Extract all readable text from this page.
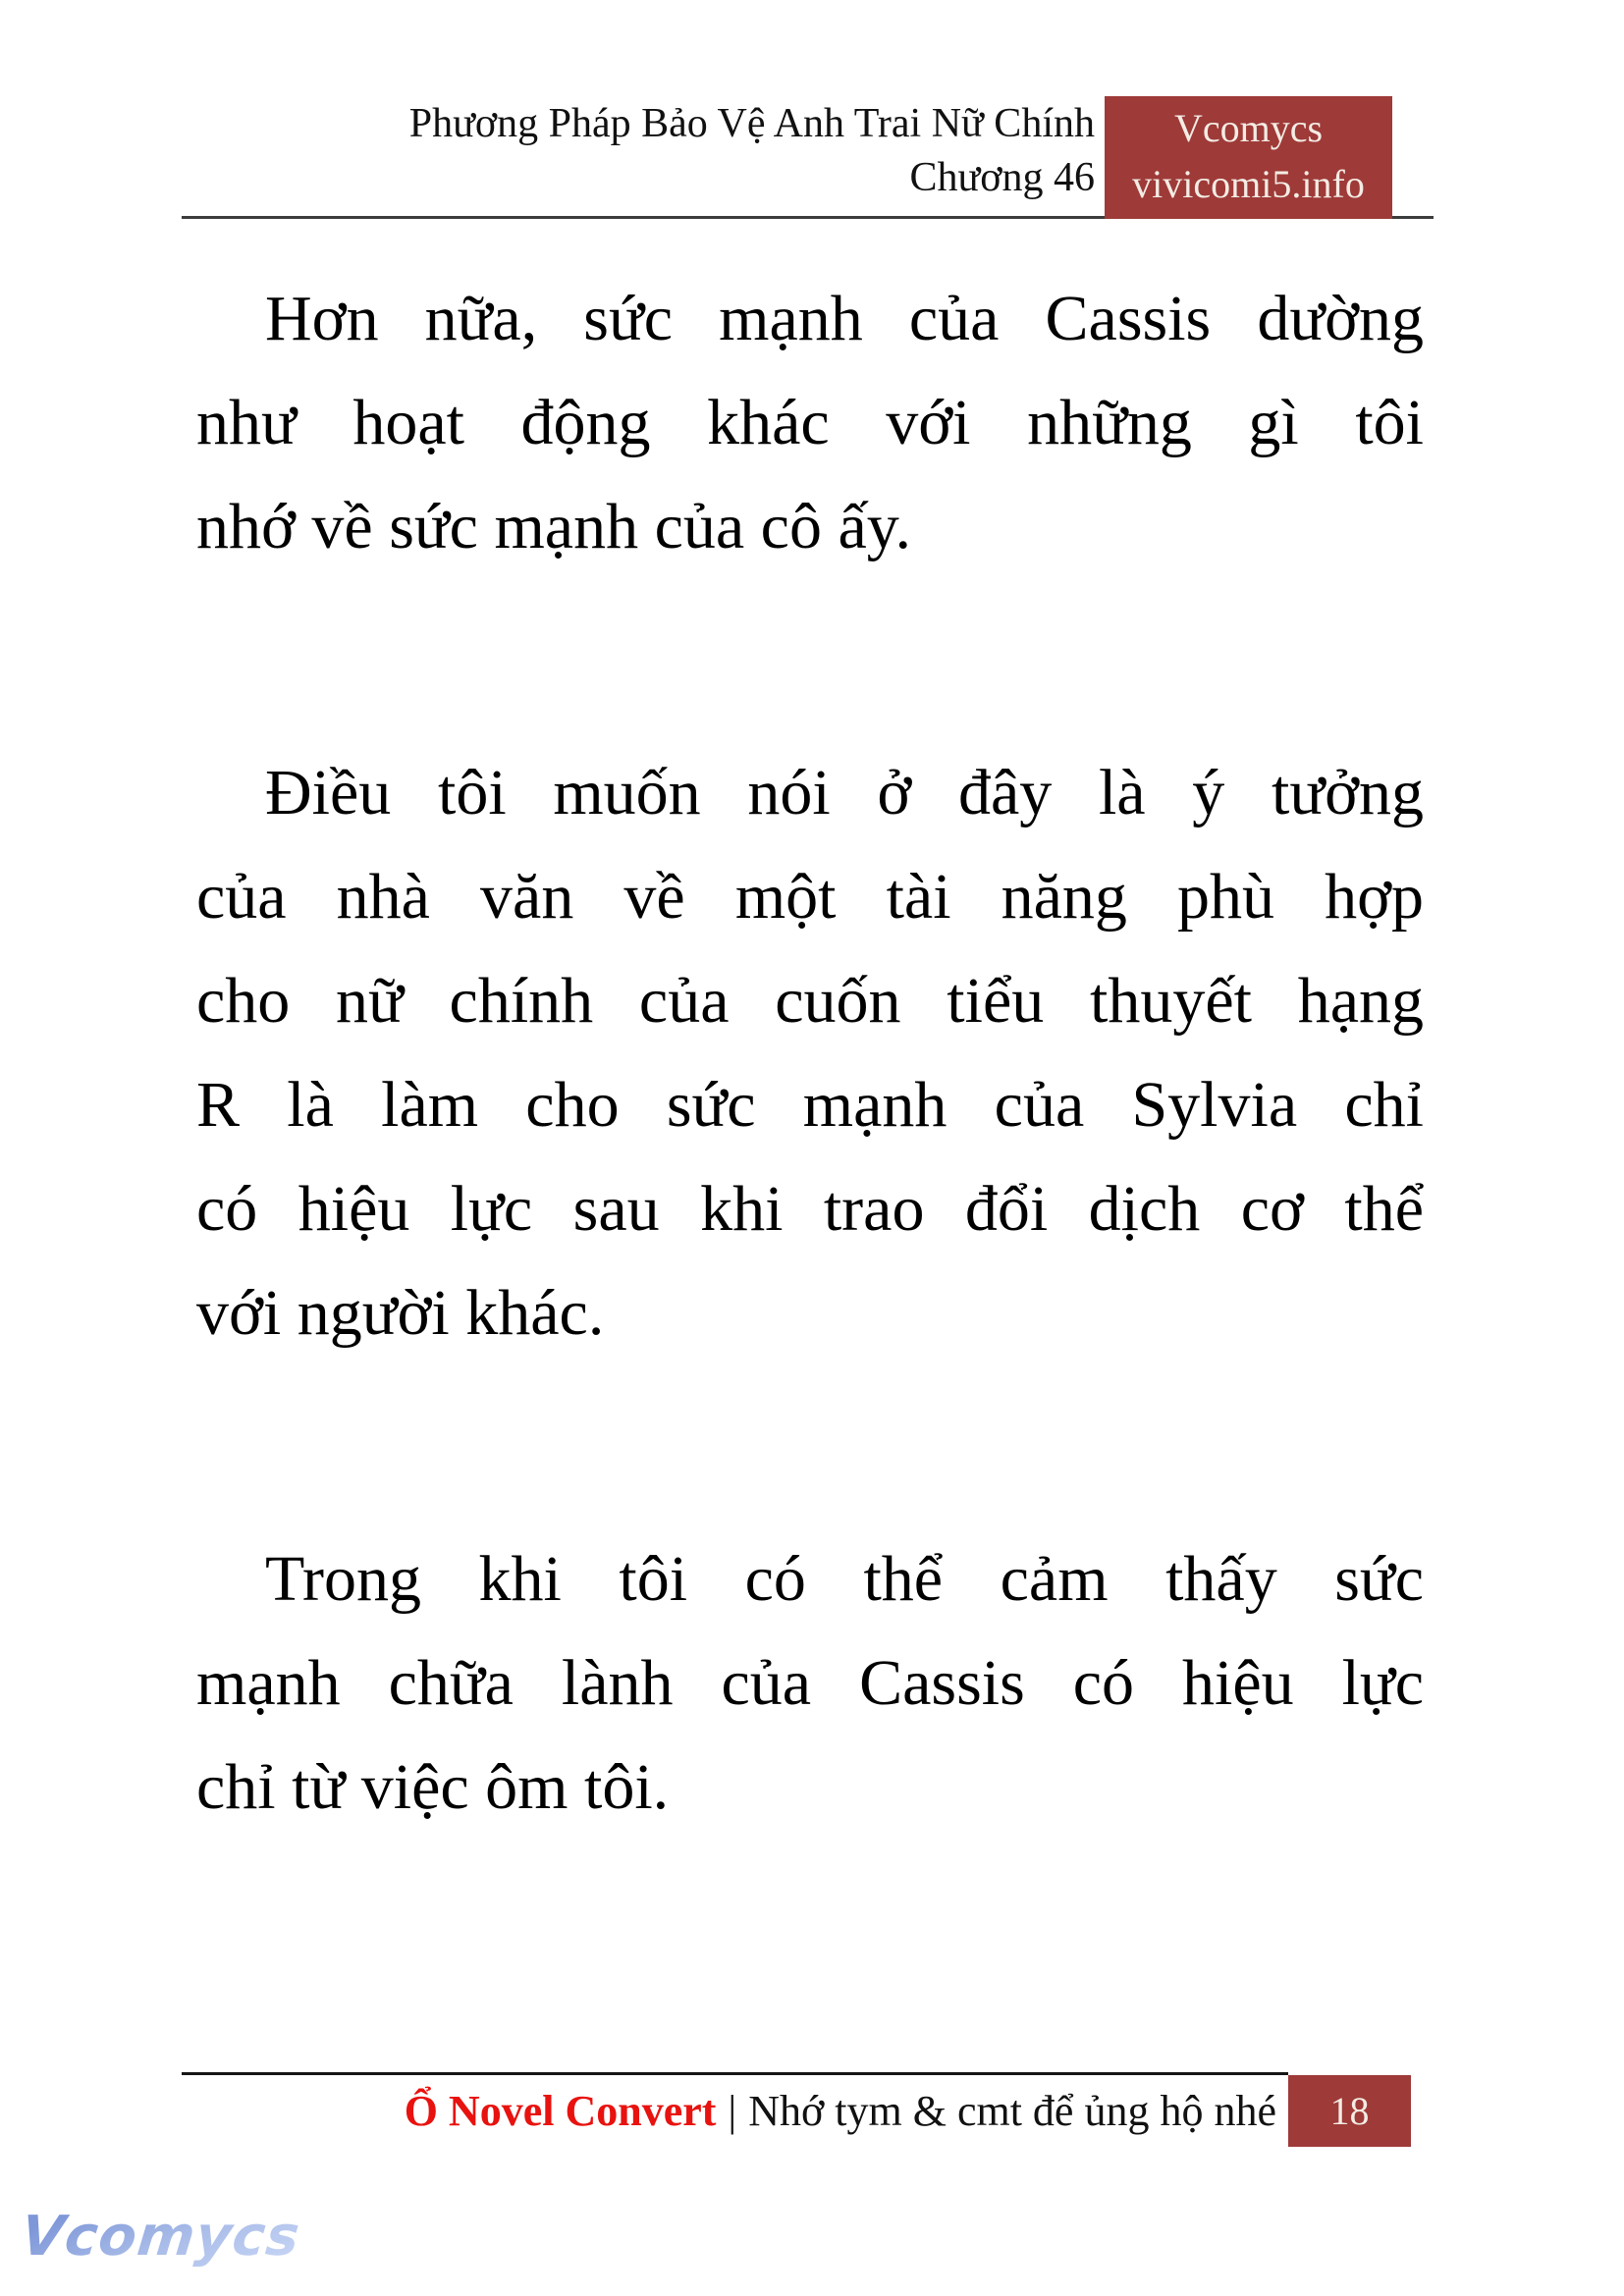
Phương Pháp Bảo Vệ Anh Trai Nữ Chính
Chương 46
Vcomycs
vivicomi5.info
Hơn nữa, sức mạnh của Cassis dường
như hoạt động khác với những gì tôi
nhớ về sức mạnh của cô ấy.
Điều tôi muốn nói ở đây là ý tưởng
của nhà văn về một tài năng phù hợp
cho nữ chính của cuốn tiểu thuyết hạng
R là làm cho sức mạnh của Sylvia chỉ
có hiệu lực sau khi trao đổi dịch cơ thể
với người khác.
Trong khi tôi có thể cảm thấy sức
mạnh chữa lành của Cassis có hiệu lực
chỉ từ việc ôm tôi.
Ổ Novel Convert | Nhớ tym & cmt để ủng hộ nhé 18
Vcomycs
